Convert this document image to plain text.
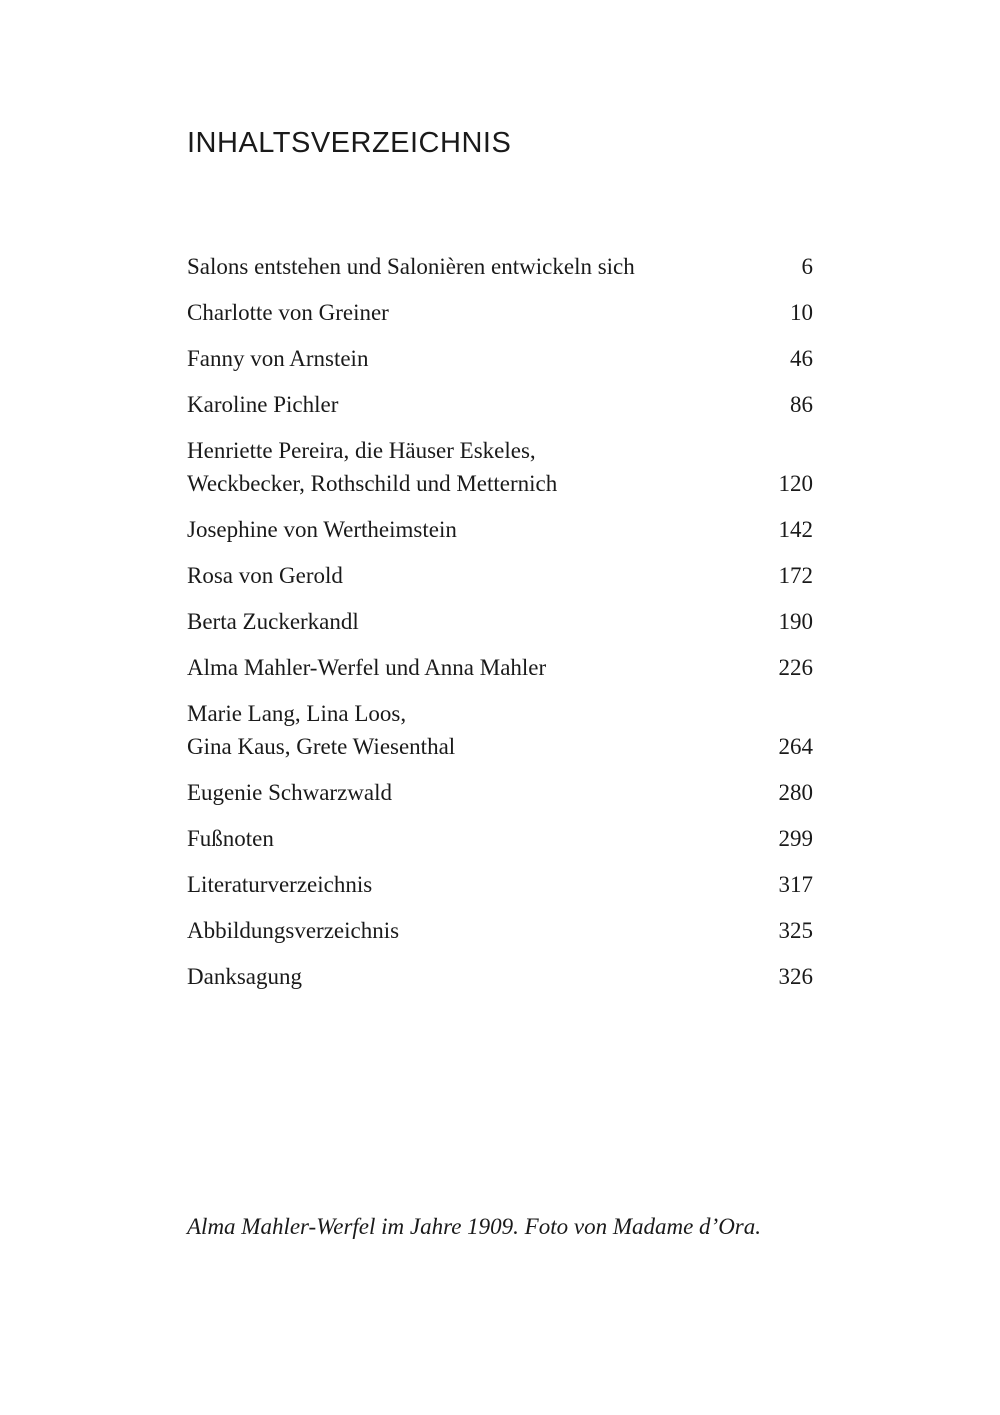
INHALTSVERZEICHNIS
Salons entstehen und Salonièren entwickeln sich	6
Charlotte von Greiner	10
Fanny von Arnstein	46
Karoline Pichler	86
Henriette Pereira, die Häuser Eskeles,
Weckbecker, Rothschild und Metternich	120
Josephine von Wertheimstein	142
Rosa von Gerold	172
Berta Zuckerkandl	190
Alma Mahler-Werfel und Anna Mahler	226
Marie Lang, Lina Loos,
Gina Kaus, Grete Wiesenthal	264
Eugenie Schwarzwald	280
Fußnoten	299
Literaturverzeichnis	317
Abbildungsverzeichnis	325
Danksagung	326

Alma Mahler-Werfel im Jahre 1909. Foto von Madame d’Ora.
